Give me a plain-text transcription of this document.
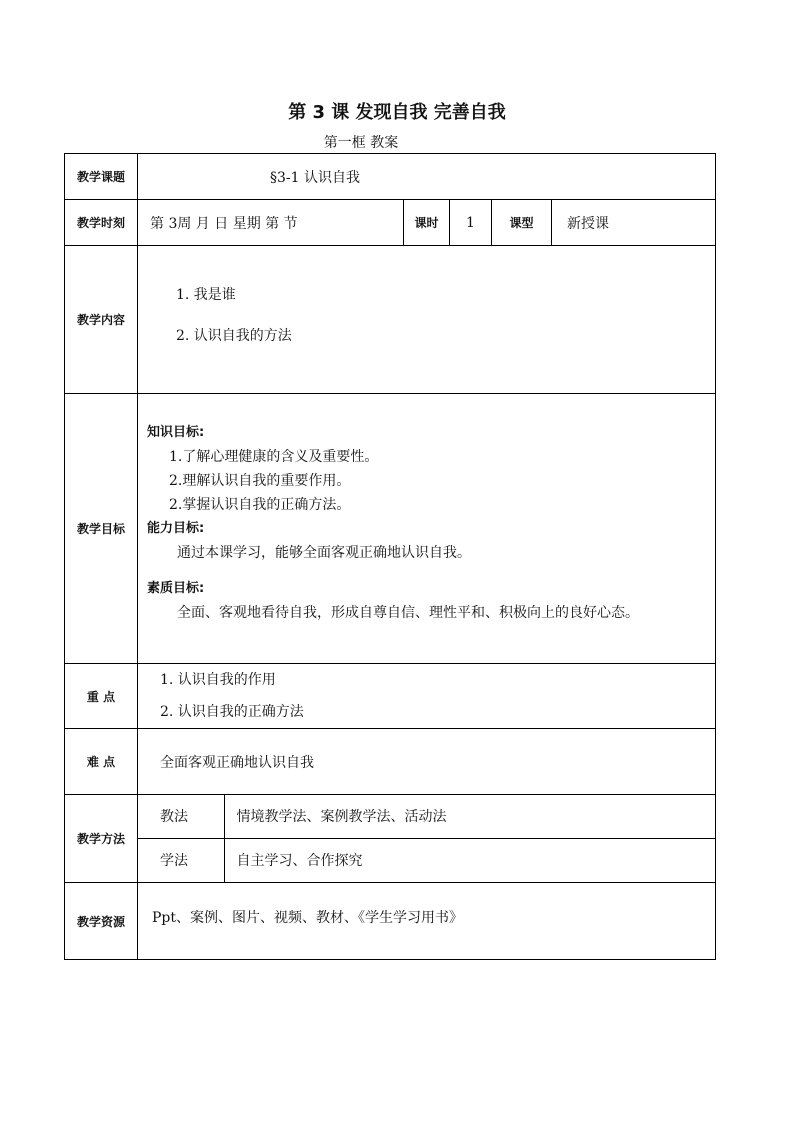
第 3 课 发现自我 完善自我
第一框 教案
教学课题	§3-1 认识自我
教学时刻	第 3周 月 日 星期 第 节	课时	1	课型	新授课
教学内容	

1. 我是谁

2. 认识自我的方法

教学目标	
知识目标:
1.了解心理健康的含义及重要性。
2.理解认识自我的重要作用。
2.掌握认识自我的正确方法。
能力目标:
通过本课学习，能够全面客观正确地认识自我。
素质目标:
全面、客观地看待自我，形成自尊自信、理性平和、积极向上的良好心态。

重 点	
1. 认识自我的作用
2. 认识自我的正确方法

难 点	全面客观正确地认识自我
教学方法	
教法	情境教学法、案例教学法、活动法
学法	自主学习、合作探究

教学资源	Ppt、案例、图片、视频、教材、《学生学习用书》
